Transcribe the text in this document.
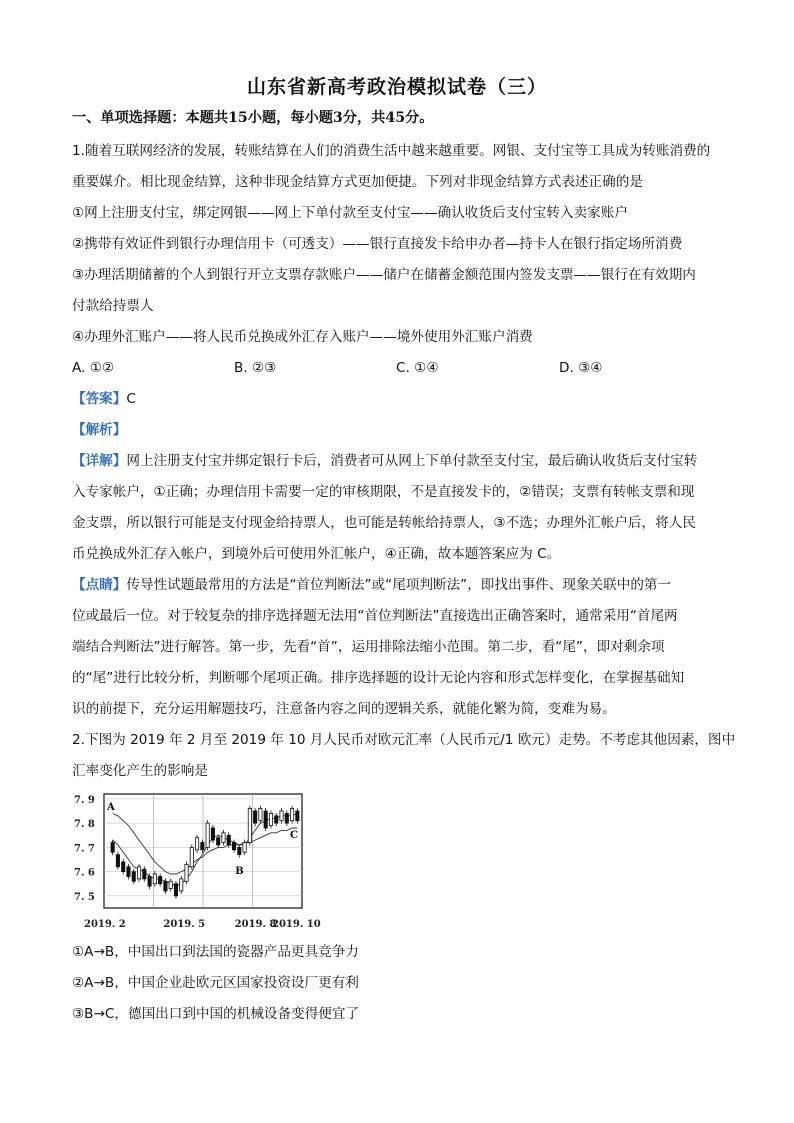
山东省新高考政治模拟试卷（三）
一、单项选择题：本题共15小题，每小题3分，共45分。
1.随着互联网经济的发展，转账结算在人们的消费生活中越来越重要。网银、支付宝等工具成为转账消费的
重要媒介。相比现金结算，这种非现金结算方式更加便捷。下列对非现金结算方式表述正确的是
①网上注册支付宝，绑定网银——网上下单付款至支付宝——确认收货后支付宝转入卖家账户
②携带有效证件到银行办理信用卡（可透支）——银行直接发卡给申办者—持卡人在银行指定场所消费
③办理活期储蓄的个人到银行开立支票存款账户——储户在储蓄金额范围内签发支票——银行在有效期内
付款给持票人
④办理外汇账户——将人民币兑换成外汇存入账户——境外使用外汇账户消费
A. ①②	B. ②③	C. ①④	D. ③④
【答案】C
【解析】
【详解】网上注册支付宝并绑定银行卡后，消费者可从网上下单付款至支付宝，最后确认收货后支付宝转
入专家帐户，①正确；办理信用卡需要一定的审核期限，不是直接发卡的，②错误；支票有转帐支票和现
金支票，所以银行可能是支付现金给持票人，也可能是转帐给持票人，③不选；办理外汇帐户后，将人民
币兑换成外汇存入帐户，到境外后可使用外汇帐户，④正确，故本题答案应为 C。
【点睛】传导性试题最常用的方法是“首位判断法”或“尾项判断法”，即找出事件、现象关联中的第一
位或最后一位。对于较复杂的排序选择题无法用“首位判断法”直接选出正确答案时，通常采用“首尾两
端结合判断法”进行解答。第一步，先看“首”，运用排除法缩小范围。第二步，看“尾”，即对剩余项
的“尾”进行比较分析，判断哪个尾项正确。排序选择题的设计无论内容和形式怎样变化，在掌握基础知
识的前提下，充分运用解题技巧，注意备内容之间的逻辑关系，就能化繁为简，变难为易。
2.下图为 2019 年 2 月至 2019 年 10 月人民币对欧元汇率（人民币元/1 欧元）走势。不考虑其他因素，图中
汇率变化产生的影响是
7. 9
7. 8
7. 7
7. 6
7. 5
2019. 2	2019. 5	2019. 8
2019. 10
A
B
C
①A→B，中国出口到法国的瓷器产品更具竞争力
②A→B，中国企业赴欧元区国家投资设厂更有利
③B→C，德国出口到中国的机械设备变得便宜了
